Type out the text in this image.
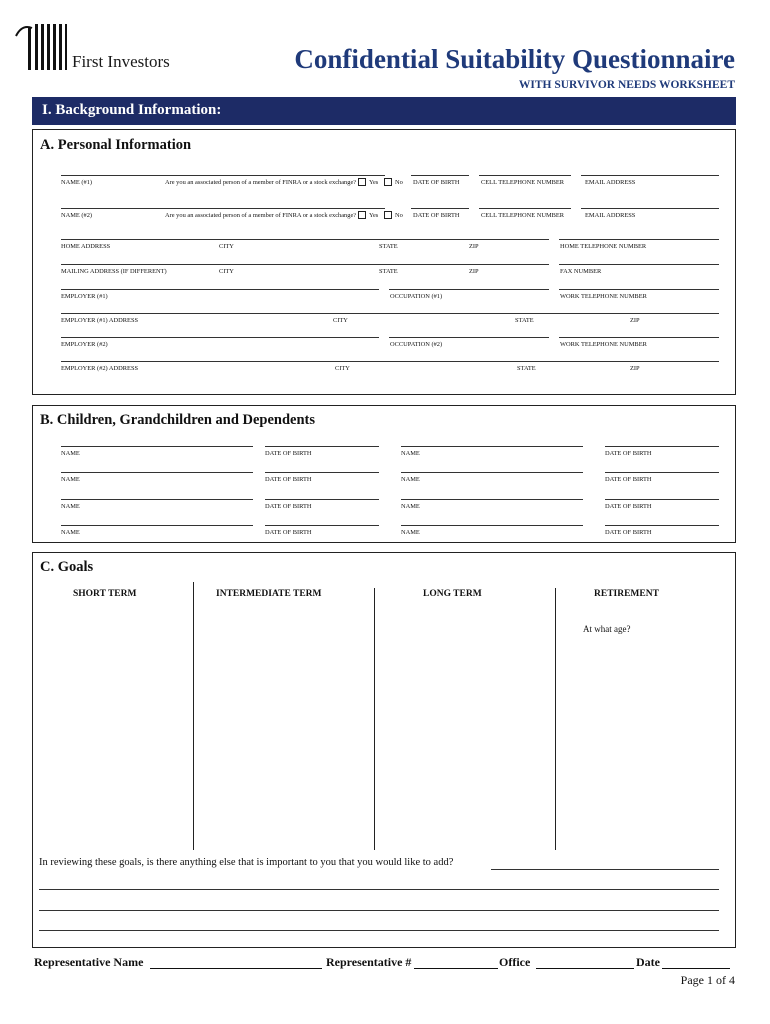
First Investors	Confidential Suitability Questionnaire
WITH SURVIVOR NEEDS WORKSHEET
I. Background Information:
A. Personal Information
NAME (#1)	Are you an associated person of a member of FINRA or a stock exchange? Yes	No DATE OF BIRTH	CELL TELEPHONE NUMBER	EMAIL ADDRESS
NAME (#2)	Are you an associated person of a member of FINRA or a stock exchange? Yes	No DATE OF BIRTH	CELL TELEPHONE NUMBER	EMAIL ADDRESS
HOME ADDRESS	CITY	STATE	ZIP	HOME TELEPHONE NUMBER
MAILING ADDRESS (IF DIFFERENT)	CITY	STATE	ZIP	FAX NUMBER
EMPLOYER (#1)	OCCUPATION (#1)	WORK TELEPHONE NUMBER
EMPLOYER (#1) ADDRESS	CITY	STATE	ZIP
EMPLOYER (#2)	OCCUPATION (#2)	WORK TELEPHONE NUMBER
EMPLOYER (#2) ADDRESS	CITY	STATE	ZIP
B. Children, Grandchildren and Dependents
NAME	DATE OF BIRTH	NAME	DATE OF BIRTH
NAME	DATE OF BIRTH	NAME	DATE OF BIRTH
NAME	DATE OF BIRTH	NAME	DATE OF BIRTH
NAME	DATE OF BIRTH	NAME	DATE OF BIRTH
C. Goals
SHORT TERM	INTERMEDIATE TERM	LONG TERM	RETIREMENT
At what age?
In reviewing these goals, is there anything else that is important to you that you would like to add?
Representative Name	Representative #	Office	Date
Page 1 of 4
